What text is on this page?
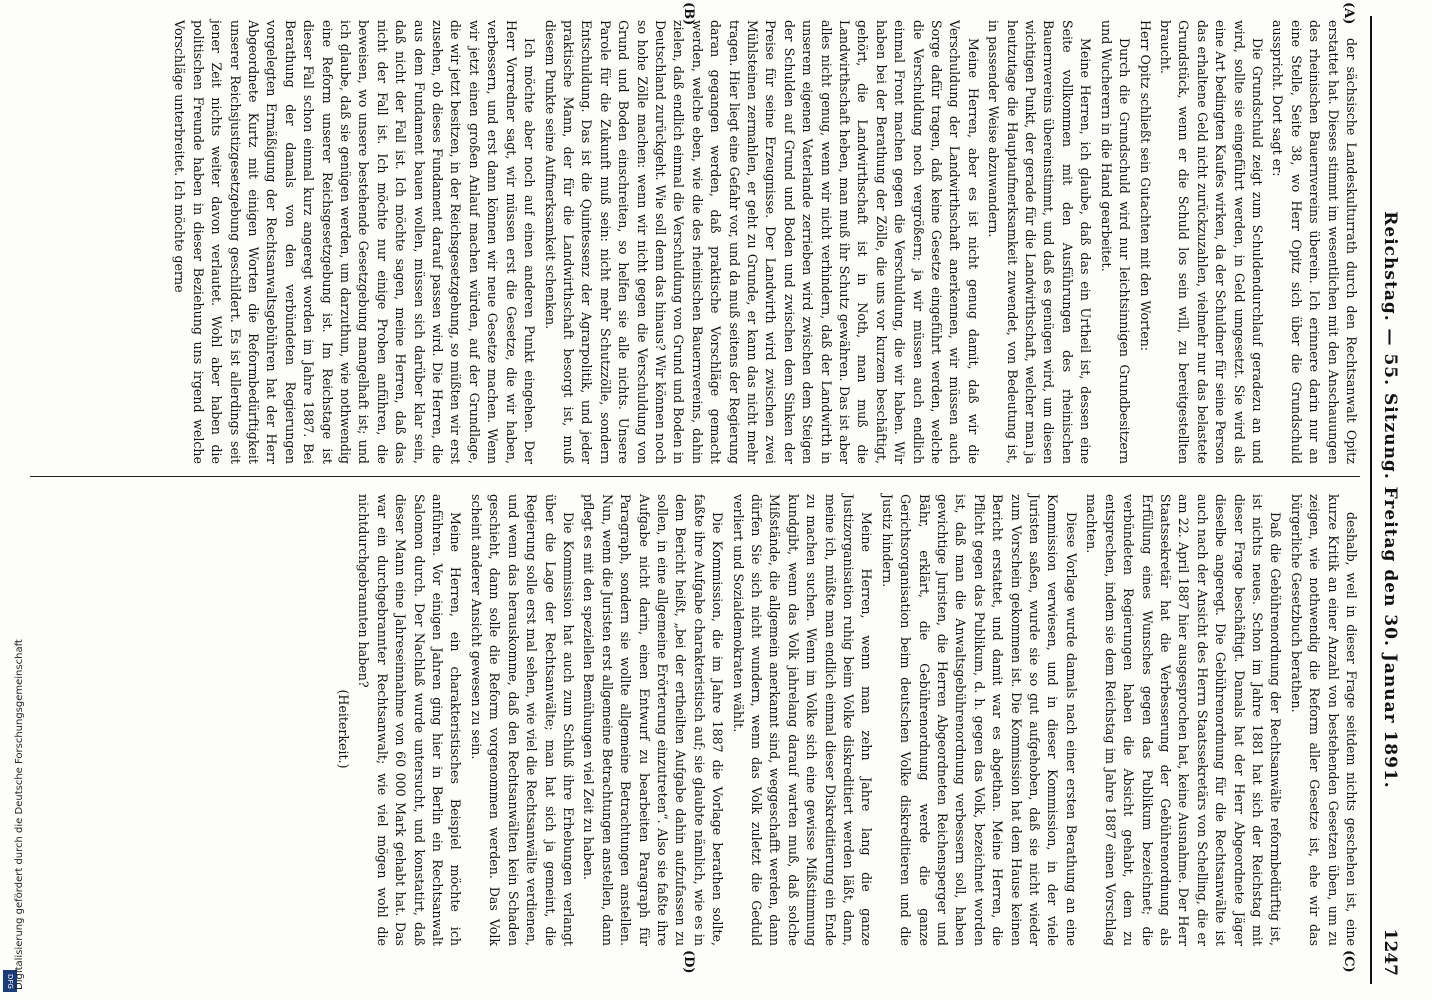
Reichstag. — 55. Sitzung. Freitag den 30. Januar 1891.
1247
(A)
(B)
(C)
(D)

der sächsische Landeskulturrath durch den Rechtsanwalt Opitz erstattet hat. Dieses stimmt im wesentlichen mit den Anschauungen des rheinischen Bauernvereins überein. Ich erinnere darin nur an eine Stelle, Seite 38, wo Herr Opitz sich über die Grundschuld ausspricht. Dort sagt er:

Die Grundschuld zeigt zum Schuldendurchlauf geradezu an und wird, sollte sie eingeführt werden, in Geld umgesetzt. Sie wird als eine Art bedingten Kaufes wirken, da der Schuldner für seine Person das erhaltene Geld nicht zurückzuzahlen, vielmehr nur das belastete Grundstück, wenn er die Schuld los sein will, zu bereitgestellten braucht.

Herr Opitz schließt sein Gutachten mit den Worten:

Durch die Grundschuld wird nur leichtsinnigen Grundbesitzern und Wucherern in die Hand gearbeitet.

Meine Herren, ich glaube, daß das ein Urtheil ist, dessen eine Seite vollkommen mit den Ausführungen des rheinischen Bauernvereins übereinstimmt, und daß es genügen wird, um diesen wichtigen Punkt, der gerade für die Landwirthschaft, welcher man ja heutzutage die Hauptaufmerksamkeit zuwendet, von Bedeutung ist, in passender Weise abzuwandern.

Meine Herren, aber es ist nicht genug damit, daß wir die Verschuldung der Landwirthschaft anerkennen, wir müssen auch Sorge dafür tragen, daß keine Gesetze eingeführt werden, welche die Verschuldung noch vergrößern; ja wir müssen auch endlich einmal Front machen gegen die Verschuldung, die wir haben. Wir haben bei der Berathung der Zölle, die uns vor kurzem beschäftigt, gehört, die Landwirthschaft ist in Noth, man muß die Landwirthschaft heben, man muß ihr Schutz gewähren. Das ist aber alles nicht genug, wenn wir nicht verhindern, daß der Landwirth in unserem eigenen Vaterlande zerrieben wird zwischen dem Steigen der Schulden auf Grund und Boden und zwischen dem Sinken der Preise für seine Erzeugnisse. Der Landwirth wird zwischen zwei Mühlsteinen zermahlen, er geht zu Grunde, er kann das nicht mehr tragen. Hier liegt eine Gefahr vor, und da muß seitens der Regierung daran gegangen werden, daß praktische Vorschläge gemacht werden, welche eben, wie die des rheinischen Bauernvereins, dahin zielen, daß endlich einmal die Verschuldung von Grund und Boden in Deutschland zurückgeht. Wie soll denn das hinaus? Wir können noch so hohe Zölle machen: wenn wir nicht gegen die Verschuldung von Grund und Boden einschreiten, so helfen sie alle nichts. Unsere Parole für die Zukunft muß sein: nicht mehr Schutzzölle, sondern Entschuldung. Das ist die Quintessenz der Agrarpolitik, und jeder praktische Mann, der für die Landwirthschaft besorgt ist, muß diesem Punkte seine Aufmerksamkeit schenken.

Ich möchte aber noch auf einen anderen Punkt eingehen. Der Herr Vorredner sagt, wir müssen erst die Gesetze, die wir haben, verbessern, und erst dann können wir neue Gesetze machen. Wenn wir jetzt einen großen Anlauf machen würden, auf der Grundlage, die wir jetzt besitzen, in der Reichsgesetzgebung, so müßten wir erst zusehen, ob dieses Fundament darauf passen wird. Die Herren, die aus dem Fundament bauen wollen, müssen sich darüber klar sein, daß nicht der Fall ist. Ich möchte sagen, meine Herren, daß das nicht der Fall ist. Ich möchte nur einige Proben anführen, die beweisen, wo unsere bestehende Gesetzgebung mangelhaft ist; und ich glaube, daß sie genügen werden, um darzuthun, wie nothwendig eine Reform unserer Reichsgesetzgebung ist. Im Reichstage ist dieser Fall schon einmal kurz angeregt worden im Jahre 1887. Bei Berathung der damals von den verbündeten Regierungen vorgelegten Ermäßigung der Rechtsanwaltsgebühren hat der Herr Abgeordnete Kurtz mit einigen Worten die Reformbedürftigkeit unserer Reichsjustizgesetzgebung geschildert. Es ist allerdings seit jener Zeit nichts weiter davon verlautet. Wohl aber haben die politischen Freunde haben in dieser Beziehung uns irgend welche Vorschläge unterbreitet. Ich möchte gerne

deshalb, weil in dieser Frage seitdem nichts geschehen ist, eine kurze Kritik an einer Anzahl von bestehenden Gesetzen üben, um zu zeigen, wie nothwendig die Reform aller Gesetze ist, ehe wir das bürgerliche Gesetzbuch berathen.

Daß die Gebührenordnung der Rechtsanwälte reformbedürftig ist, ist nichts neues. Schon im Jahre 1881 hat sich der Reichstag mit dieser Frage beschäftigt. Damals hat der Herr Abgeordnete Jäger dieselbe angeregt. Die Gebührenordnung für die Rechtsanwälte ist auch nach der Ansicht des Herrn Staatssekretärs von Schelling, die er am 22. April 1887 hier ausgesprochen hat, keine Ausnahme. Der Herr Staatssekretär hat die Verbesserung der Gebührenordnung als Erfüllung eines Wunsches gegen das Publikum bezeichnet; die verbündeten Regierungen haben die Absicht gehabt, dem zu entsprechen, indem sie dem Reichstag im Jahre 1887 einen Vorschlag machten.

Diese Vorlage wurde damals nach einer ersten Berathung an eine Kommission verwiesen, und in dieser Kommission, in der viele Juristen saßen, wurde sie so gut aufgehoben, daß sie nicht wieder zum Vorschein gekommen ist. Die Kommission hat dem Hause keinen Bericht erstattet, und damit war es abgethan. Meine Herren, die Pflicht gegen das Publikum, d. h. gegen das Volk, bezeichnet worden ist, daß man die Anwaltsgebührenordnung verbessern soll, haben gewichtige Juristen, die Herren Abgeordneten Reichensperger und Bähr, erklärt, die Gebührenordnung werde die ganze Gerichtsorganisation beim deutschen Volke diskreditieren und die Justiz hindern.

Meine Herren, wenn man zehn Jahre lang die ganze Justizorganisation ruhig beim Volke diskreditiert werden läßt, dann, meine ich, müßte man endlich einmal dieser Diskreditierung ein Ende zu machen suchen. Wenn im Volke sich eine gewisse Mißstimmung kundgibt, wenn das Volk jahrelang darauf warten muß, daß solche Mißstände, die allgemein anerkannt sind, weggeschafft werden, dann dürfen Sie sich nicht wundern, wenn das Volk zuletzt die Geduld verliert und Sozialdemokraten wählt.

Die Kommission, die im Jahre 1887 die Vorlage berathen sollte, faßte ihre Aufgabe charakteristisch auf; sie glaubte nämlich, wie es in dem Bericht heißt, „bei der ertheilten Aufgabe dahin aufzufassen zu sollen, in eine allgemeine Erörterung einzutreten“. Also sie faßte ihre Aufgabe nicht darin, einen Entwurf zu bearbeiten Paragraph für Paragraph, sondern sie wollte allgemeine Betrachtungen anstellen. Nun, wenn die Juristen erst allgemeine Betrachtungen anstellen, dann pflegt es mit den speziellen Bemühungen viel Zeit zu haben.

Die Kommission hat auch zum Schluß ihre Erhebungen verlangt über die Lage der Rechtsanwälte; man hat sich ja gemeint, die Regierung solle erst mal sehen, wie viel die Rechtsanwälte verdienen, und wenn das herauskomme, daß den Rechtsanwälten kein Schaden geschieht, dann solle die Reform vorgenommen werden. Das Volk scheint anderer Ansicht gewesen zu sein.

Meine Herren, ein charakteristisches Beispiel möchte ich anführen. Vor einigen Jahren ging hier in Berlin ein Rechtsanwalt Salomon durch. Der Nachlaß wurde untersucht, und konstatirt, daß dieser Mann eine Jahreseinnahme von 60 000 Mark gehabt hat. Das war ein durchgebrannter Rechtsanwalt; wie viel mögen wohl die nichtdurchgebrannten haben?

(Heiterkeit.)

DFG Digitalisierung gefördert durch die Deutsche Forschungsgemeinschaft
